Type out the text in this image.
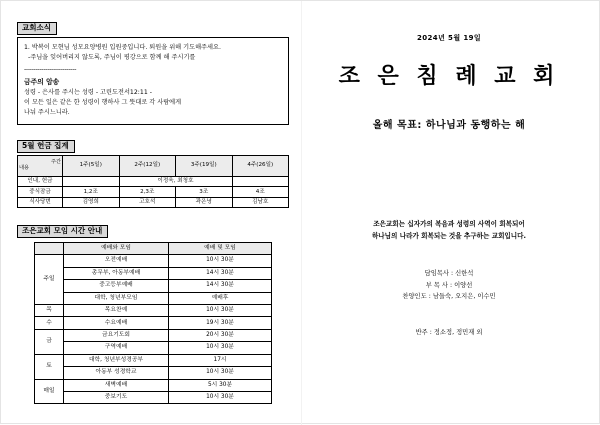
교회소식

1. 박복이 모현님 성모요양병원 입원중입니다. 퇴원을 위해 기도해주세요.

-주님을 잊어버리지 않도록, 주님이 평강으로 함께 해 주시기를

---------------------------

금주의 암송

성령 - 은사를 주시는 성령 - 고린도전서12:11 -

이 모든 일은 같은 한 성령이 행하사 그 뜻대로 각 사람에게

나눠 주시느니라.

5월 헌금 집계
주간
내용	1주(5일)	2주(12일)	3주(19일)	4주(26일)
인내, 헌금		이정욱, 최청호		
중식잠금	1,2조	2,3조	3조	4조
식사당번	김영희	고호석	곽은녕	김남호
조은교회 모임 시간 안내
	예배와 모임	예배 및 모임
주일	오전예배	10시 30분
	총무부, 아동부예배	14시 30분
	중고등부예배	14시 30분
	대학, 청년부모임	예배후
목	목요찬예	10시 30분
수	수요예배	19시 30분
금	금요기도회	20시 30분
	구역예배	10시 30분
토	대학, 청년부성경공부	17시
	아동부 성경학교	10시 30분
매일	새벽예배	5시 30분
	중보기도	10시 30분
2024년 5월 19일
조 은 침 례 교 회
올해 목표: 하나님과 동행하는 해
조은교회는 십자가의 복음과 성령의 사역이 회복되어
하나님의 나라가 회복되는 것을 추구하는 교회입니다.
담임목사 : 신한석
부 목 사 : 이양선
찬양인도 : 남들숙, 오지은, 이수민
반주 : 정소정, 정민재 외
